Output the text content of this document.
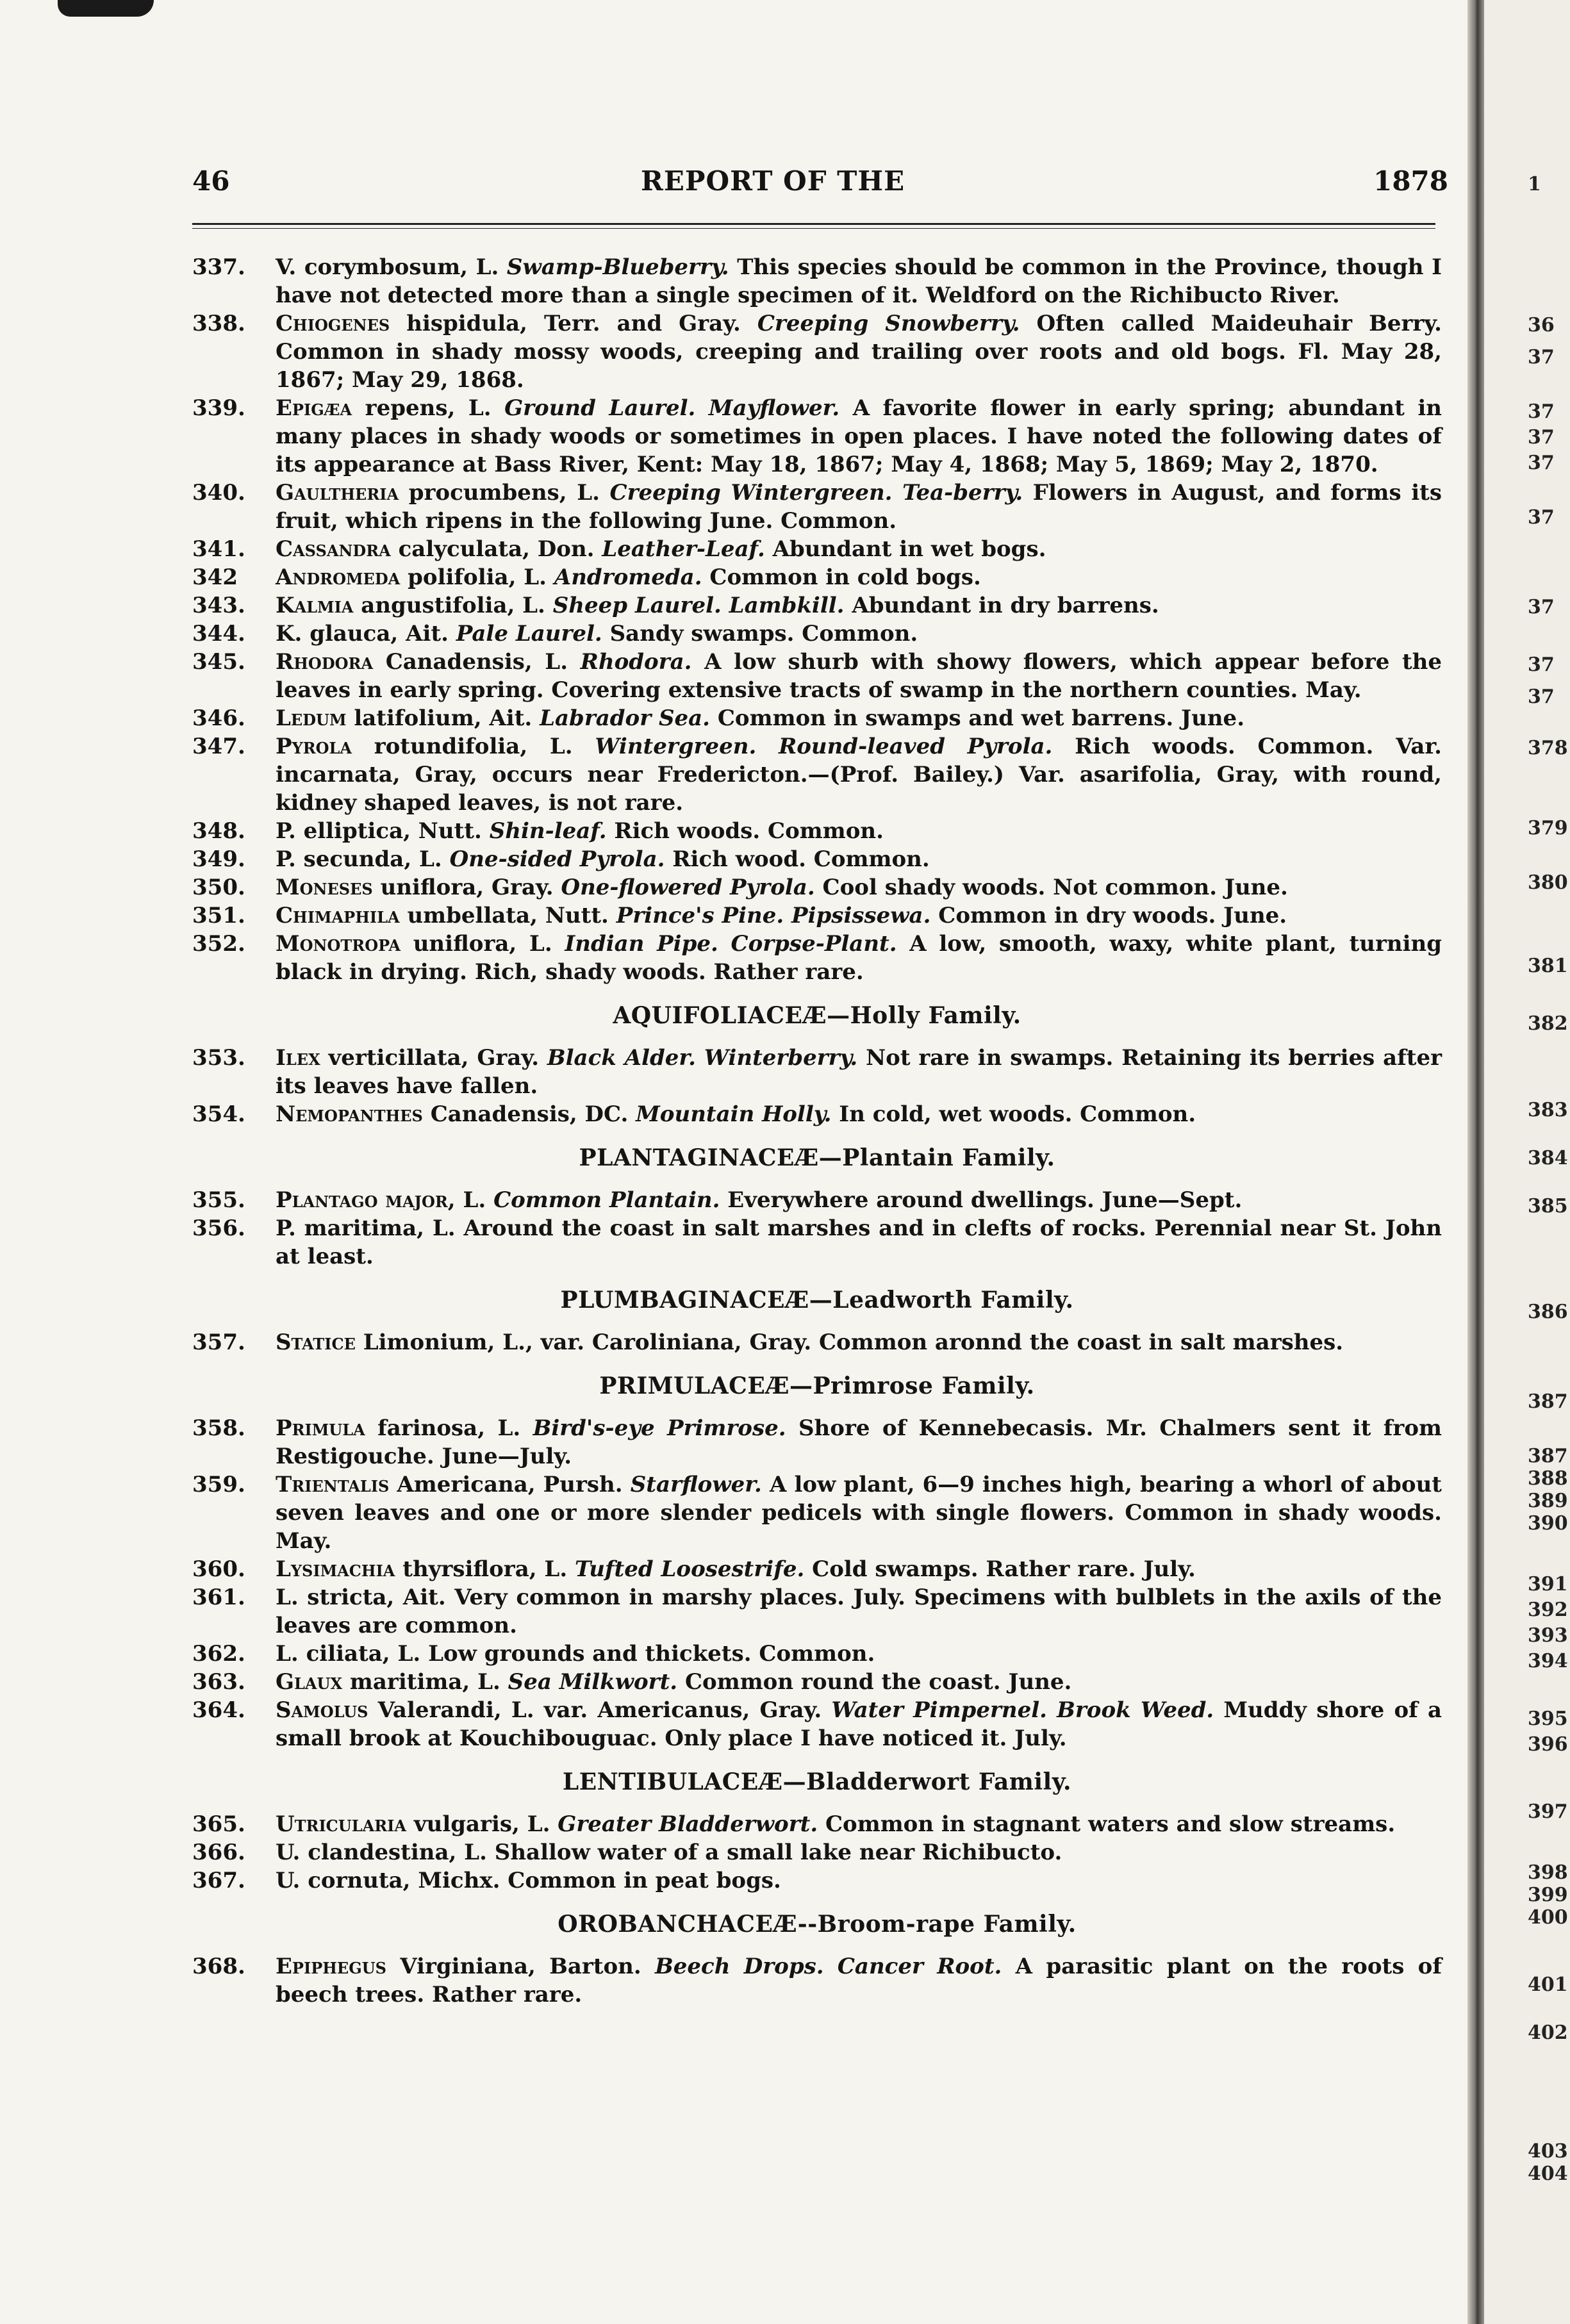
46	REPORT OF THE	1878
337.	V. corymbosum, L. Swamp-Blueberry. This species should be common in the Province, though I have not detected more than a single specimen of it. Weldford on the Richibucto River.
338.	Chiogenes hispidula, Terr. and Gray. Creeping Snowberry. Often called Maideuhair Berry. Common in shady mossy woods, creeping and trailing over roots and old bogs. Fl. May 28, 1867; May 29, 1868.
339.	Epigæa repens, L. Ground Laurel. Mayflower. A favorite flower in early spring; abundant in many places in shady woods or sometimes in open places. I have noted the following dates of its appearance at Bass River, Kent: May 18, 1867; May 4, 1868; May 5, 1869; May 2, 1870.
340.	Gaultheria procumbens, L. Creeping Wintergreen. Tea-berry. Flowers in August, and forms its fruit, which ripens in the following June. Common.
341.	Cassandra calyculata, Don. Leather-Leaf. Abundant in wet bogs.
342	Andromeda polifolia, L. Andromeda. Common in cold bogs.
343.	Kalmia angustifolia, L. Sheep Laurel. Lambkill. Abundant in dry barrens.
344.	K. glauca, Ait. Pale Laurel. Sandy swamps. Common.
345.	Rhodora Canadensis, L. Rhodora. A low shurb with showy flowers, which appear before the leaves in early spring. Covering extensive tracts of swamp in the northern counties. May.
346.	Ledum latifolium, Ait. Labrador Sea. Common in swamps and wet barrens. June.
347.	Pyrola rotundifolia, L. Wintergreen. Round-leaved Pyrola. Rich woods. Common. Var. incarnata, Gray, occurs near Fredericton.—(Prof. Bailey.) Var. asarifolia, Gray, with round, kidney shaped leaves, is not rare.
348.	P. elliptica, Nutt. Shin-leaf. Rich woods. Common.
349.	P. secunda, L. One-sided Pyrola. Rich wood. Common.
350.	Moneses uniflora, Gray. One-flowered Pyrola. Cool shady woods. Not common. June.
351.	Chimaphila umbellata, Nutt. Prince's Pine. Pipsissewa. Common in dry woods. June.
352.	Monotropa uniflora, L. Indian Pipe. Corpse-Plant. A low, smooth, waxy, white plant, turning black in drying. Rich, shady woods. Rather rare.
AQUIFOLIACEÆ—Holly Family.
353.	Ilex verticillata, Gray. Black Alder. Winterberry. Not rare in swamps. Retaining its berries after its leaves have fallen.
354.	Nemopanthes Canadensis, DC. Mountain Holly. In cold, wet woods. Common.
PLANTAGINACEÆ—Plantain Family.
355.	Plantago major, L. Common Plantain. Everywhere around dwellings. June—Sept.
356.	P. maritima, L. Around the coast in salt marshes and in clefts of rocks. Perennial near St. John at least.
PLUMBAGINACEÆ—Leadworth Family.
357.	Statice Limonium, L., var. Caroliniana, Gray. Common aronnd the coast in salt marshes.
PRIMULACEÆ—Primrose Family.
358.	Primula farinosa, L. Bird's-eye Primrose. Shore of Kennebecasis. Mr. Chalmers sent it from Restigouche. June—July.
359.	Trientalis Americana, Pursh. Starflower. A low plant, 6—9 inches high, bearing a whorl of about seven leaves and one or more slender pedicels with single flowers. Common in shady woods. May.
360.	Lysimachia thyrsiflora, L. Tufted Loosestrife. Cold swamps. Rather rare. July.
361.	L. stricta, Ait. Very common in marshy places. July. Specimens with bulblets in the axils of the leaves are common.
362.	L. ciliata, L. Low grounds and thickets. Common.
363.	Glaux maritima, L. Sea Milkwort. Common round the coast. June.
364.	Samolus Valerandi, L. var. Americanus, Gray. Water Pimpernel. Brook Weed. Muddy shore of a small brook at Kouchibouguac. Only place I have noticed it. July.
LENTIBULACEÆ—Bladderwort Family.
365.	Utricularia vulgaris, L. Greater Bladderwort. Common in stagnant waters and slow streams.
366.	U. clandestina, L. Shallow water of a small lake near Richibucto.
367.	U. cornuta, Michx. Common in peat bogs.
OROBANCHACEÆ--Broom-rape Family.
368.	Epiphegus Virginiana, Barton. Beech Drops. Cancer Root. A parasitic plant on the roots of beech trees. Rather rare.
1
36
37
37
37
37
37
37
37
37
378
379
380
381
382
383
384
385
386
387
387
388
389
390
391
392
393
394
395
396
397
398
399
400
401
402
403
404
